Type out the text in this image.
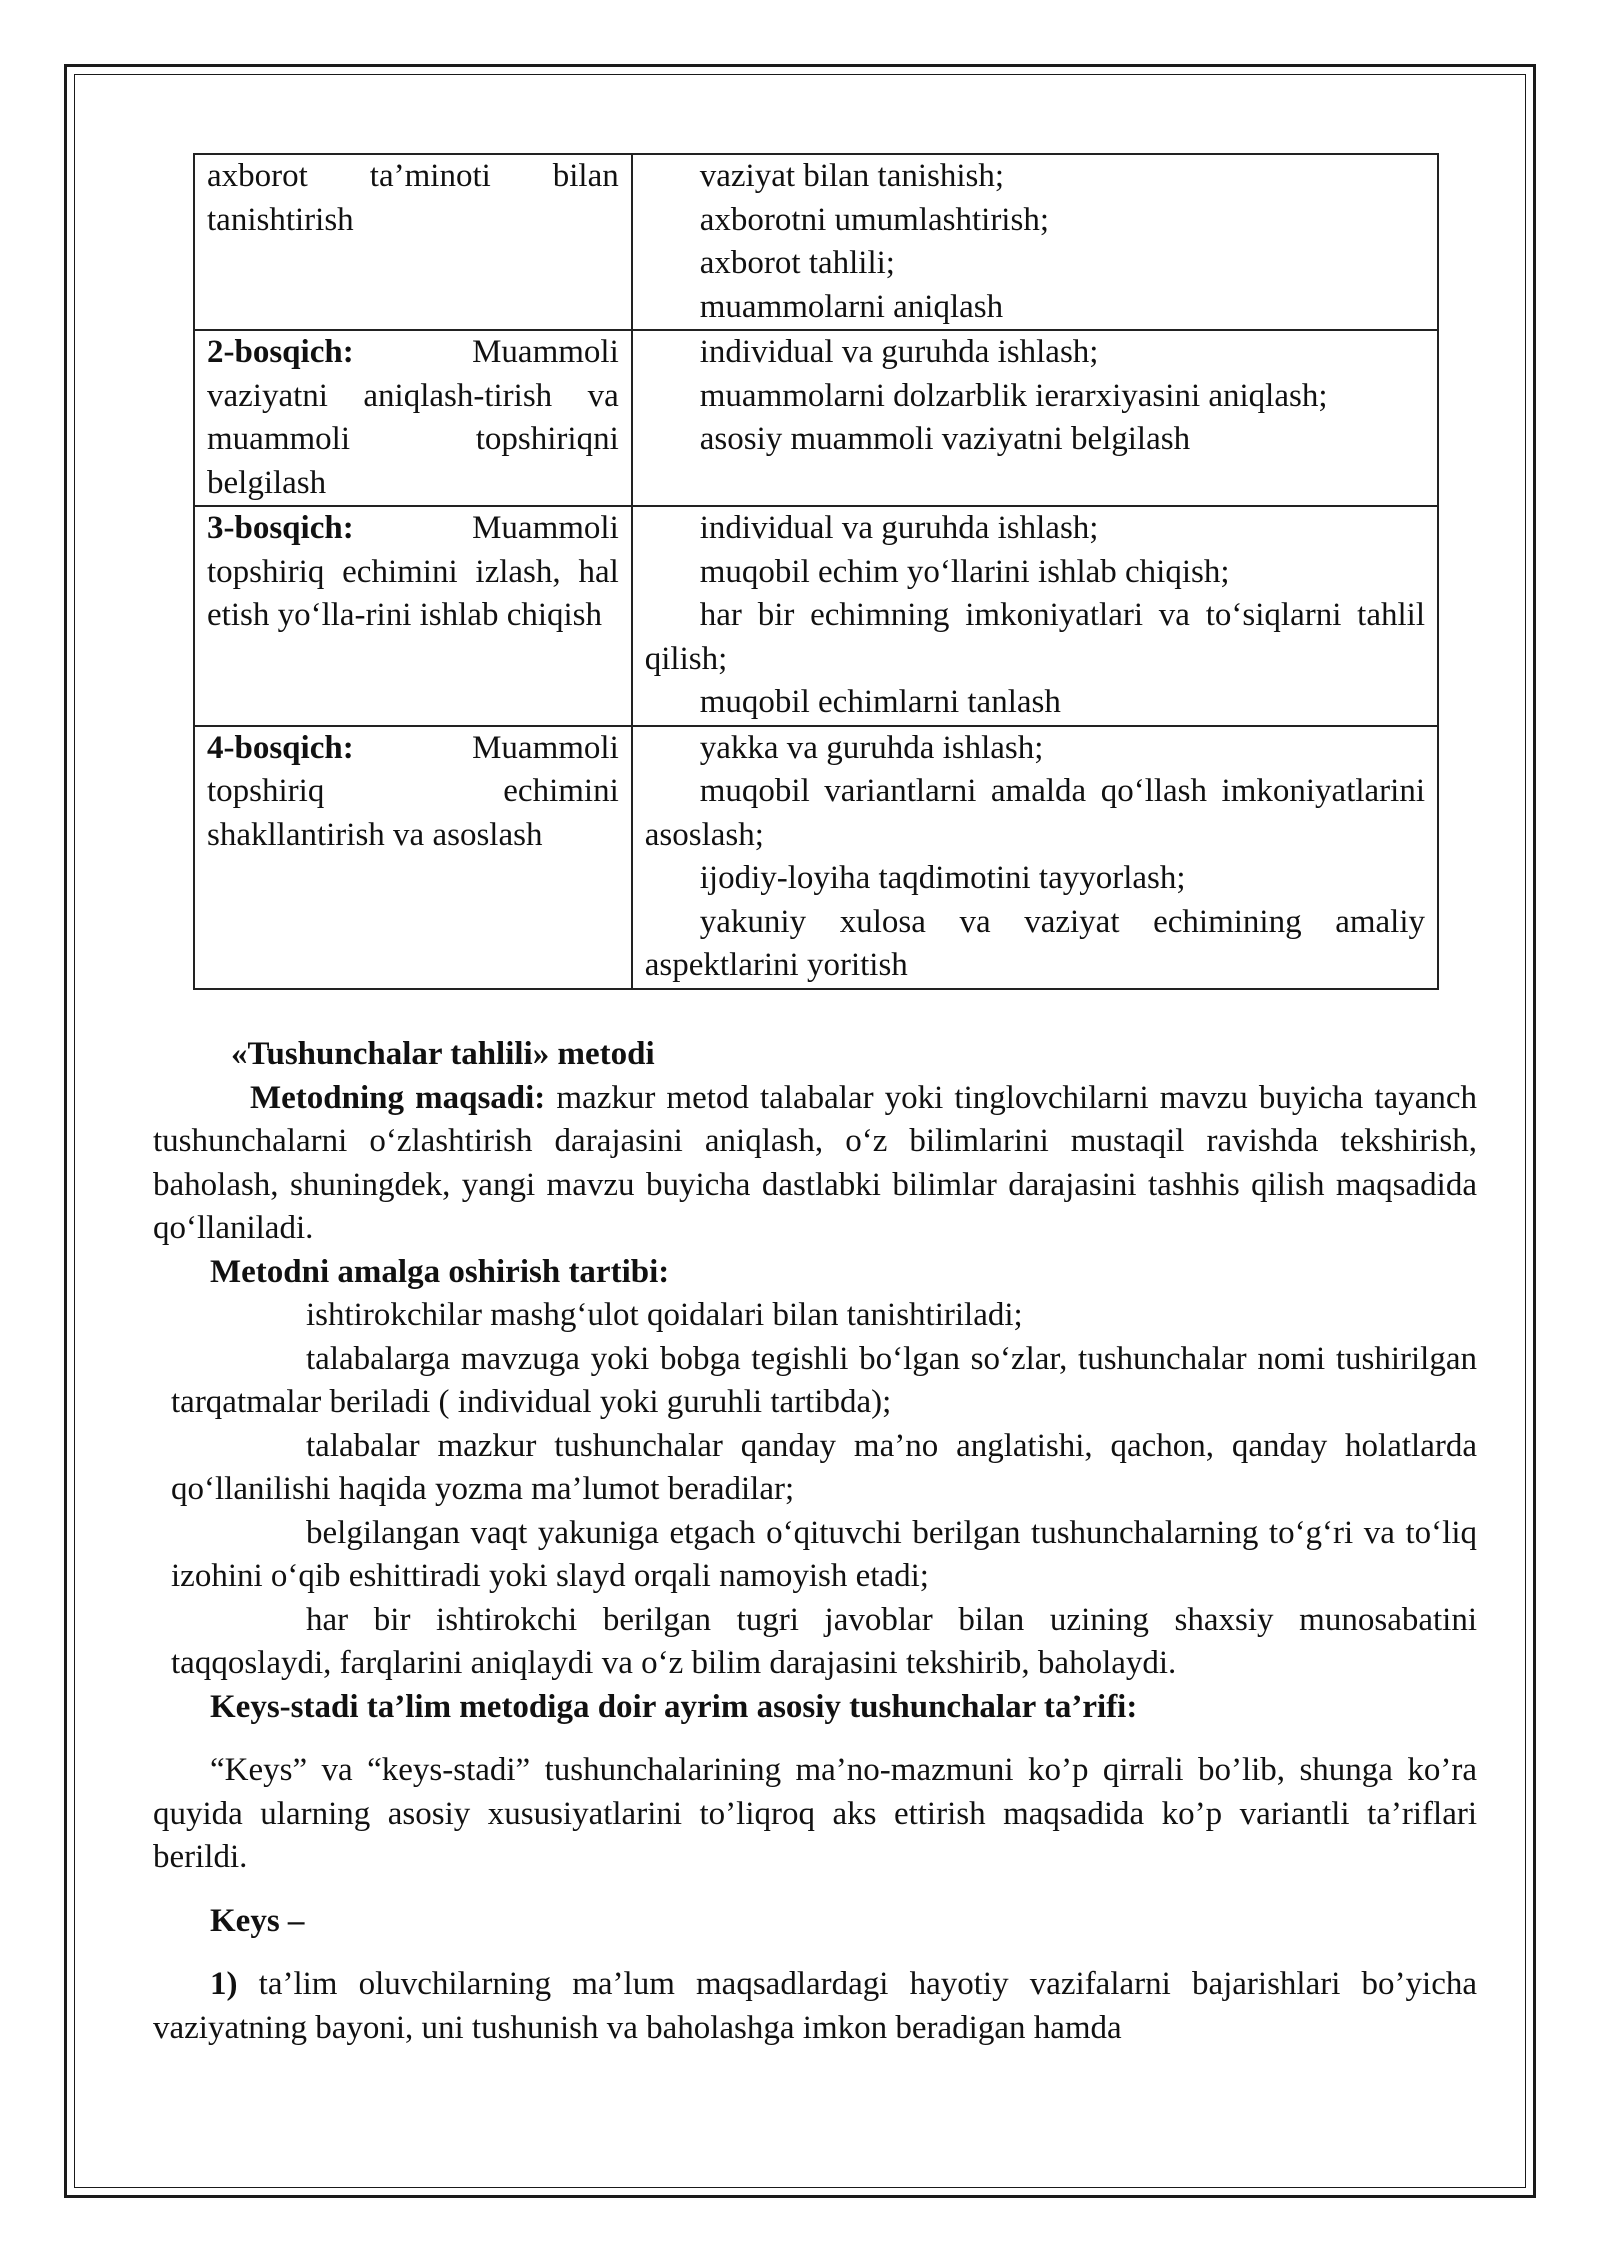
axborot ta’minoti bilan tanishtirish	vaziyat bilan tanishish;
axborotni umumlashtirish;
axborot tahlili;
muammolarni aniqlash

2-bosqich: Muammoli vaziyatni aniqlash-tirish va muammoli topshiriqni belgilash	individual va guruhda ishlash;
muammolarni dolzarblik ierarxiyasini aniqlash;
asosiy muammoli vaziyatni belgilash

3-bosqich: Muammoli topshiriq echimini izlash, hal etish yo‘lla-rini ishlab chiqish	individual va guruhda ishlash;
muqobil echim yo‘llarini ishlab chiqish;
har bir echimning imkoniyatlari va to‘siqlarni tahlil qilish;
muqobil echimlarni tanlash

4-bosqich: Muammoli topshiriq echimini shakllantirish va asoslash	yakka va guruhda ishlash;
muqobil variantlarni amalda qo‘llash imkoniyatlarini asoslash;
ijodiy-loyiha taqdimotini tayyorlash;
yakuniy xulosa va vaziyat echimining amaliy aspektlarini yoritish

«Tushunchalar tahlili» metodi

Metodning maqsadi: mazkur metod talabalar yoki tinglovchilarni mavzu buyicha tayanch tushunchalarni o‘zlashtirish darajasini aniqlash, o‘z bilimlarini mustaqil ravishda tekshirish, baholash, shuningdek, yangi mavzu buyicha dastlabki bilimlar darajasini tashhis qilish maqsadida qo‘llaniladi.

Metodni amalga oshirish tartibi:

ishtirokchilar mashg‘ulot qoidalari bilan tanishtiriladi;

talabalarga mavzuga yoki bobga tegishli bo‘lgan so‘zlar, tushunchalar nomi tushirilgan tarqatmalar beriladi ( individual yoki guruhli tartibda);

talabalar mazkur tushunchalar qanday ma’no anglatishi, qachon, qanday holatlarda qo‘llanilishi haqida yozma ma’lumot beradilar;

belgilangan vaqt yakuniga etgach o‘qituvchi berilgan tushunchalarning to‘g‘ri va to‘liq izohini o‘qib eshittiradi yoki slayd orqali namoyish etadi;

har bir ishtirokchi berilgan tugri javoblar bilan uzining shaxsiy munosabatini taqqoslaydi, farqlarini aniqlaydi va o‘z bilim darajasini tekshirib, baholaydi.

Keys-stadi ta’lim metodiga doir ayrim asosiy tushunchalar ta’rifi:

“Keys” va “keys-stadi” tushunchalarining ma’no-mazmuni ko’p qirrali bo’lib, shunga ko’ra quyida ularning asosiy xususiyatlarini to’liqroq aks ettirish maqsadida ko’p variantli ta’riflari berildi.

Keys –

1) ta’lim oluvchilarning ma’lum maqsadlardagi hayotiy vazifalarni bajarishlari bo’yicha vaziyatning bayoni, uni tushunish va baholashga imkon beradigan hamda
